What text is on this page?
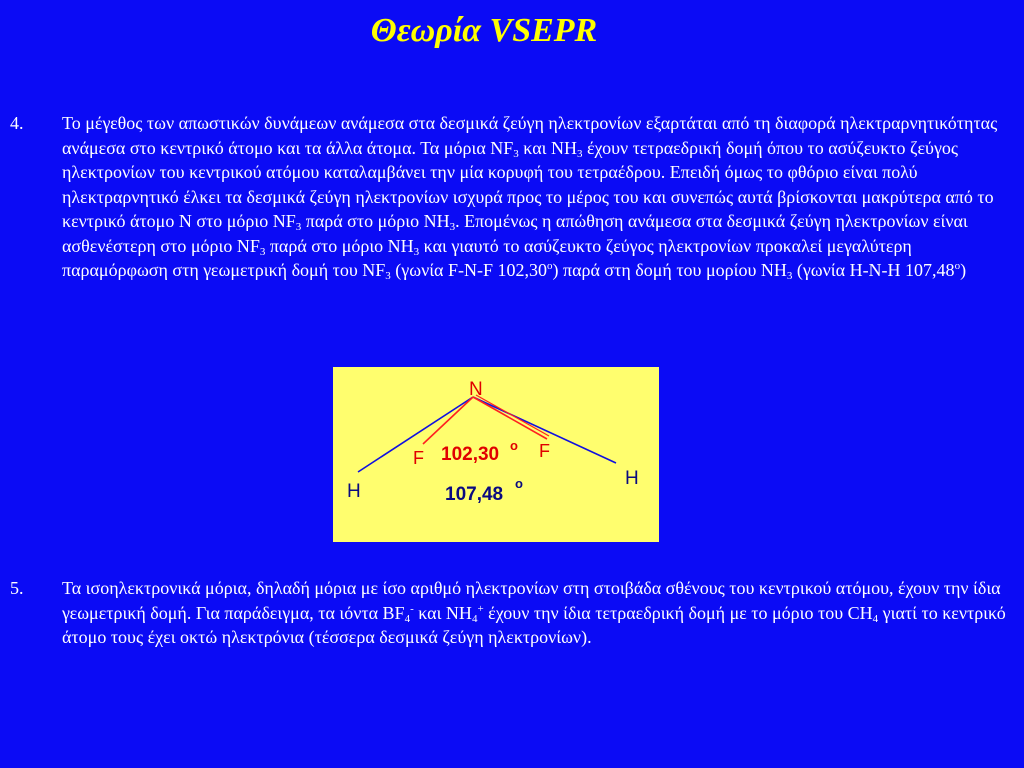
Θεωρία VSEPR
4. Το μέγεθος των απωστικών δυνάμεων ανάμεσα στα δεσμικά ζεύγη ηλεκτρονίων εξαρτάται από τη διαφορά ηλεκτραρνητικότητας ανάμεσα στο κεντρικό άτομο και τα άλλα άτομα. Τα μόρια $NF_3$ και $NH_3$ έχουν τετραεδρική δομή όπου το ασύζευκτο ζεύγος ηλεκτρονίων του κεντρικού ατόμου καταλαμβάνει την μία κορυφή του τετραέδρου. Επειδή όμως το φθόριο είναι πολύ ηλεκτραρνητικό έλκει τα δεσμικά ζεύγη ηλεκτρονίων ισχυρά προς το μέρος του και συνεπώς αυτά βρίσκονται μακρύτερα από το κεντρικό άτομο N στο μόριο $NF_3$ παρά στο μόριο $NH_3$. Επομένως η απώθηση ανάμεσα στα δεσμικά ζεύγη ηλεκτρονίων είναι ασθενέστερη στο μόριο $NF_3$ παρά στο μόριο $NH_3$ και γιαυτό το ασύζευκτο ζεύγος ηλεκτρονίων προκαλεί μεγαλύτερη παραμόρφωση στη γεωμετρική δομή του $NF_3$ (γωνία F-N-F 102,30$^o$) παρά στη δομή του μορίου $NH_3$ (γωνία H-N-H 107,48$^o$)
N
F	F
H
H
102,30 o
107,48
o
5. Τα ισοηλεκτρονικά μόρια, δηλαδή μόρια με ίσο αριθμό ηλεκτρονίων στη στοιβάδα σθένους του κεντρικού ατόμου, έχουν την ίδια γεωμετρική δομή. Για παράδειγμα, τα ιόντα $BF_4^-$ και $NH_4^+$ έχουν την ίδια τετραεδρική δομή με το μόριο του $CH_4$ γιατί το κεντρικό άτομο τους έχει οκτώ ηλεκτρόνια (τέσσερα δεσμικά ζεύγη ηλεκτρονίων).
